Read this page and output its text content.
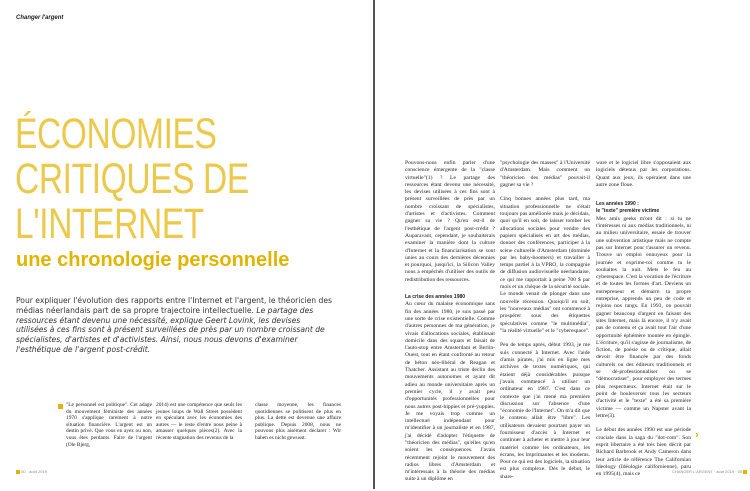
Changer l'argent
ÉCONOMIES
CRITIQUES DE
L'INTERNET
une chronologie personnelle
Pour expliquer l'évolution des rapports entre l'Internet et l'argent, le théoricien des médias néerlandais part de sa propre trajectoire intellectuelle. Le partage des ressources étant devenu une nécessité, explique Geert Lovink, les devises utilisées à ces fins sont à présent surveillées de près par un nombre croissant de spécialistes, d'artistes et d'activistes. Ainsi, nous nous devons d'examiner l'esthétique de l'argent post-crédit.
"Le personnel est politique". Cet adage du mouvement féministe des années 1970 s'applique rarement à notre situation financière. L'argent est un destin privé. Que vous en ayez ou non, vous êtes perdants. Faire de l'argent (Ole Bjerg,
2014) est une compétence que seuls les jeunes loups de Wall Street possèdent en spéculant avec les économies des autres — le reste d'entre nous peine à amasser quelques pièces(2). Avec la récente stagnation des revenus de la
classe moyenne, les finances quotidiennes se politisent de plus en plus. La dette est devenue une affaire publique. Depuis 2008, nous ne pouvons plus aisément déclarer : Wir haben es nicht gewusst.
00 · août 2019

Pouvons-nous enfin parler d'une conscience émergente de la "classe virtuelle"(1) ? Le partage des ressources étant devenu une nécessité, les devises utilisées à ces fins sont à présent surveillées de près par un nombre croissant de spécialistes, d'artistes et d'activistes. Comment gagner sa vie ? Qu'en est-il de l'esthétique de l'argent post-crédit ? Auparavant, cependant, je souhaiterais examiner la manière dont la culture d'Internet et la financiarisation se sont unies au cours des dernières décennies et pourquoi, jusqu'ici, la Silicon Valley nous a empêchés d'utiliser des outils de redistribution des ressources.

La crise des années 1980

Au cœur du malaise économique sans fin des années 1980, je suis passé par une sorte de crise existentielle. Comme d'autres personnes de ma génération, je vivais d'allocations sociales, établissait domicile dans des squats et faisait de l'auto-stop entre Amsterdam et Berlin-Ouest, tout en étant confronté au retour de béton néo-libéral de Reagan et Thatcher. Assistant au triste déclin des mouvements autonomes et ayant dit adieu au monde universitaire après un premier cycle, il y avait peu d'opportunités professionnelles pour nous autres post-hippies et pré-yuppies. Je me voyais trop comme un intellectuel indépendant pour m'identifier à un journaliste et en 1987, j'ai décidé d'adopter l'étiquette de "théoricien des médias", qu'elles qu'en soient les conséquences. J'avais récemment rejoint le mouvement des radios libres d'Amsterdam et m'intéressais à la théorie des médias suite à un diplôme en

"psychologie des masses" à l'Université d'Amsterdam. Mais comment un "théoricien des médias" pouvait-il gagner sa vie ?

Cinq bonnes années plus tard, ma situation professionnelle ne s'était toujours pas améliorée mais je décidais, quoi qu'il en soit, de laisser tomber les allocations sociales pour vendre des papiers spécialisés en art des médias, donner des conférences, participer à la scène culturelle d'Amsterdam (dominée par les baby-boomers) et travailler à temps partiel à la VPRO, la compagnie de diffusion audiovisuelle néerlandaise, ce qui me rapportait à peine 700 $ par mois et un chèque de la sécurité sociale. Le monde venait de plonger dans une nouvelle récession. Quoiqu'il en soit, les "nouveaux médias" ont commencé à prospérer sous des étiquettes spéculatives comme "le multimédia", "la réalité virtuelle" et le "cyberespace".

Peu de temps après, début 1993, je me suis connecté à Internet. Avec l'aide d'amis pirates, j'ai mis en ligne mes archives de textes numériques, qui étaient déjà considérables puisque j'avais commencé à utiliser un ordinateur en 1987. C'est dans ce contexte que j'ai mené ma première discussion sur l'absence d'une "économie de l'Internet". On m'a dit que le contenu allait être "libre". Les utilisateurs devaient pourtant payer un fournisseur d'accès à Internet et continuer à acheter et mettre à jour leur matériel comme les ordinateurs, les écrans, les imprimantes et les modems. Pour ce qui est des logiciels, la situation est plus complexe. Dès le début, le share-

ware et le logiciel libre s'opposaient aux logiciels détenus par les corporations. Quant aux jeux, ils opéraient dans une autre zone floue.

Les années 1990 :
le "texte" première victime

Mes amis geeks m'ont dit : si tu ne t'intéresses ni aux médias traditionnels, ni au milieu universitaire, essaie de trouver une subvention artistique mais ne compte pas sur Internet pour t'assurer un revenu. Trouve un emploi ennuyeux pour la journée et exprime-toi comme tu le souhaites la nuit. Mets le feu au cyberespace. C'est la vocation de l'écriture et de toutes les formes d'art. Deviens un entrepreneur et démarre ta propre entreprise, apprends un peu de code et rejoins nos rangs. En 1993, on pouvait gagner beaucoup d'argent en faisant des sites Internet, mais là encore, il n'y avait pas de contenu et ça avait tout l'air d'une opportunité éphémère montée en épingle. L'écriture, qu'il s'agisse de journalisme, de fiction, de poésie ou de critique, allait devoir être financée par des fonds culturels ou des éditeurs traditionnels et se dé-professionnaliser ou se "démocratiser", pour employer des termes plus respectueux. Internet était sur le point de bouleverser tous les secteurs d'activité et le "texte" a été sa première victime — comme un Napster avant la lettre(3).

Le début des années 1990 est une période cruciale dans la saga du "dot-com". Son esprit libertaire a été très bien décrit par Richard Barbrook et Andy Cameron dans leur article de référence The Californian Ideology (Idéologie californienne), paru en 1995(4), mais ce

›
CHANGER L'ARGENT · août 2019 · 00
